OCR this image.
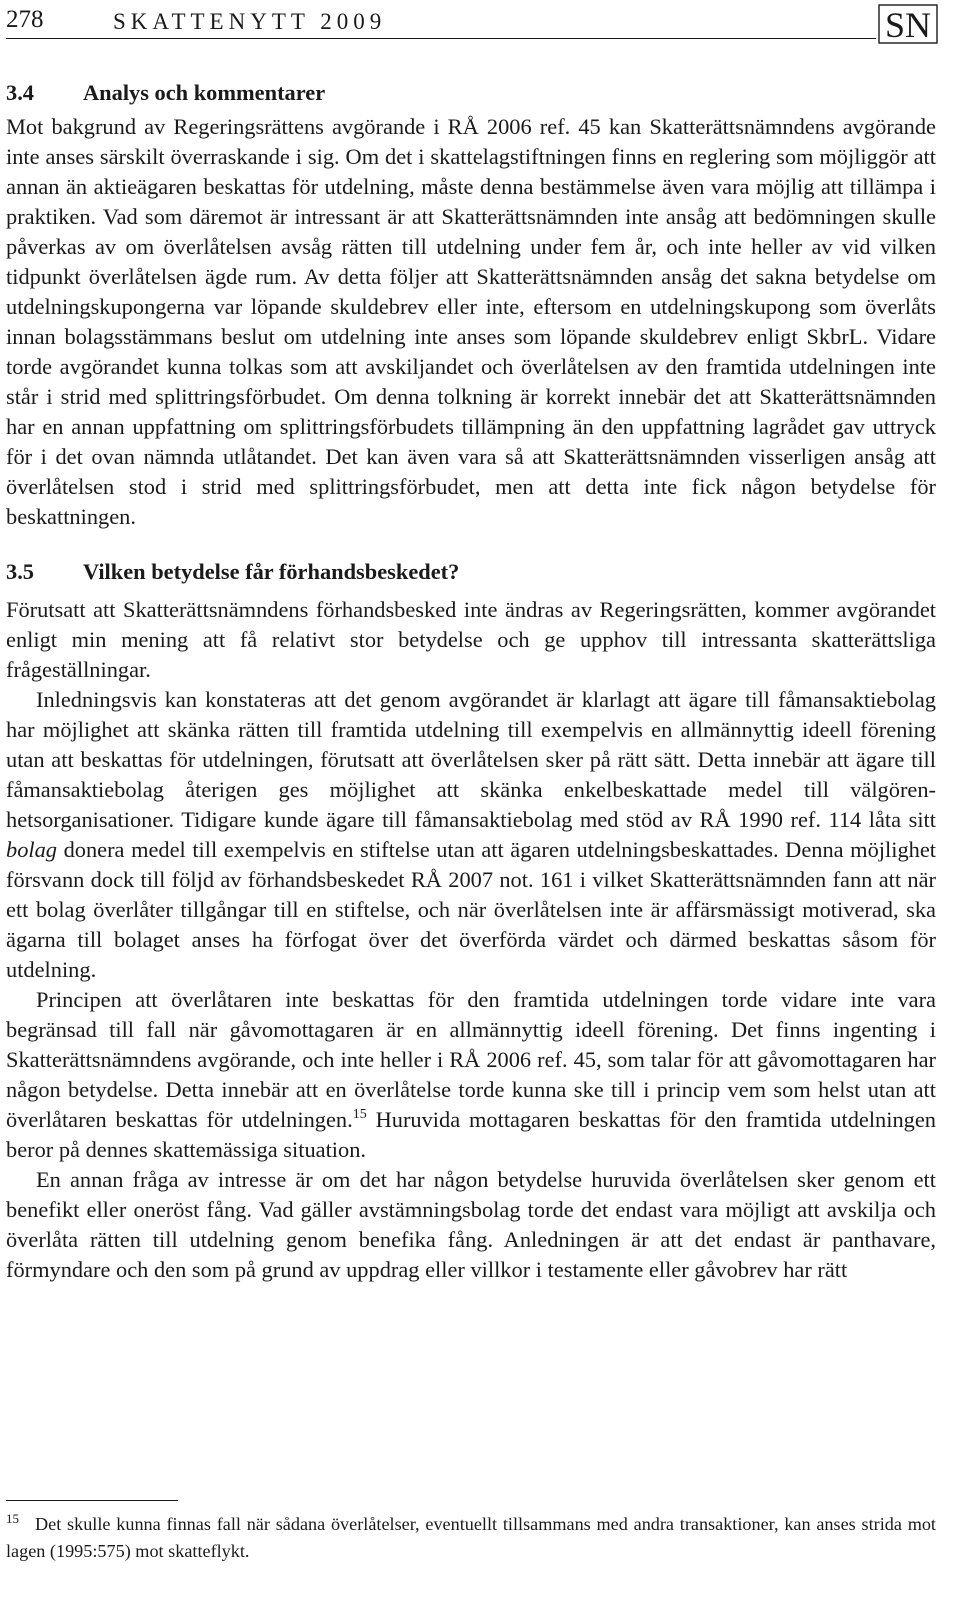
278	SKATTENYTT 2009	SN
3.4 Analys och kommentarer

Mot bakgrund av Regeringsrättens avgörande i RÅ 2006 ref. 45 kan Skatterättsnämndens avgörande inte anses särskilt överraskande i sig. Om det i skattelagstiftningen finns en reglering som möjliggör att annan än aktieägaren beskattas för utdelning, måste denna bestämmelse även vara möjlig att tillämpa i praktiken. Vad som däremot är intressant är att Skatterättsnämnden inte ansåg att bedömningen skulle påverkas av om överlåtelsen avsåg rätten till utdelning under fem år, och inte heller av vid vilken tidpunkt överlåtelsen ägde rum. Av detta följer att Skatterättsnämnden ansåg det sakna betydelse om utdelningskupongerna var löpande skuldebrev eller inte, eftersom en utdelningskupong som överlåts innan bolagsstämmans beslut om utdelning inte anses som löpande skuldebrev enligt SkbrL. Vidare torde avgörandet kunna tolkas som att avskiljandet och överlåtelsen av den framtida utdelningen inte står i strid med splittringsförbudet. Om denna tolkning är korrekt innebär det att Skatterättsnämnden har en annan uppfattning om splittringsförbudets tillämpning än den uppfattning lagrådet gav uttryck för i det ovan nämnda utlåtandet. Det kan även vara så att Skatterättsnämnden visserligen ansåg att överlåtelsen stod i strid med splittringsförbudet, men att detta inte fick någon betydelse för beskattningen.

3.5 Vilken betydelse får förhandsbeskedet?

Förutsatt att Skatterättsnämndens förhandsbesked inte ändras av Regeringsrätten, kommer avgörandet enligt min mening att få relativt stor betydelse och ge upphov till intressanta skatterättsliga frågeställningar.

Inledningsvis kan konstateras att det genom avgörandet är klarlagt att ägare till fåmansaktiebolag har möjlighet att skänka rätten till framtida utdelning till exempelvis en allmännyttig ideell förening utan att beskattas för utdelningen, förutsatt att överlåtelsen sker på rätt sätt. Detta innebär att ägare till fåmansaktiebolag återigen ges möjlighet att skänka enkelbeskattade medel till välgörenhetsorganisationer. Tidigare kunde ägare till fåmansaktiebolag med stöd av RÅ 1990 ref. 114 låta sitt bolag donera medel till exempelvis en stiftelse utan att ägaren utdelningsbeskattades. Denna möjlighet försvann dock till följd av förhandsbeskedet RÅ 2007 not. 161 i vilket Skatterättsnämnden fann att när ett bolag överlåter tillgångar till en stiftelse, och när överlåtelsen inte är affärsmässigt motiverad, ska ägarna till bolaget anses ha förfogat över det överförda värdet och därmed beskattas såsom för utdelning.

Principen att överlåtaren inte beskattas för den framtida utdelningen torde vidare inte vara begränsad till fall när gåvomottagaren är en allmännyttig ideell förening. Det finns ingenting i Skatterättsnämndens avgörande, och inte heller i RÅ 2006 ref. 45, som talar för att gåvomottagaren har någon betydelse. Detta innebär att en överlåtelse torde kunna ske till i princip vem som helst utan att överlåtaren beskattas för utdelningen.$^{15}$ Huruvida mottagaren beskattas för den framtida utdelningen beror på dennes skattemässiga situation.

En annan fråga av intresse är om det har någon betydelse huruvida överlåtelsen sker genom ett benefikt eller oneröst fång. Vad gäller avstämningsbolag torde det endast vara möjligt att avskilja och överlåta rätten till utdelning genom benefika fång. Anledningen är att det endast är panthavare, förmyndare och den som på grund av uppdrag eller villkor i testamente eller gåvobrev har rätt

15 Det skulle kunna finnas fall när sådana överlåtelser, eventuellt tillsammans med andra transaktioner, kan anses strida mot lagen (1995:575) mot skatteflykt.
